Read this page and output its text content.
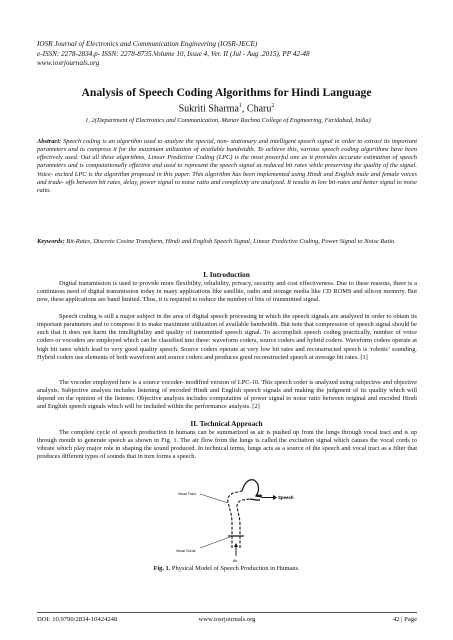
IOSR Journal of Electronics and Communication Engineering (IOSR-JECE)
e-ISSN: 2278-2834,p- ISSN: 2278-8735.Volume 10, Issue 4, Ver. II (Jul - Aug .2015), PP 42-48
www.iosrjournals.org
Analysis of Speech Coding Algorithms for Hindi Language
Sukriti Sharma$^1$, Charu$^2$
1, 2(Department of Electronics and Communication, Manav Rachna College of Engineering, Faridabad, India)
Abstract: Speech coding is an algorithm used to analyze the special, non- stationary and intelligent speech signal in order to extract its important parameters and to compress it for the maximum utilization of available bandwidth. To achieve this, various speech coding algorithms have been effectively used. Out all these algorithms, Linear Predictive Coding (LPC) is the most powerful one as it provides accurate estimation of speech parameters and is computationally effective and used to represent the speech signal at reduced bit rates while preserving the quality of the signal. Voice- excited LPC is the algorithm proposed in this paper. This algorithm has been implemented using Hindi and English male and female voices and trade- offs between bit rates, delay, power signal to noise ratio and complexity are analyzed. It results in low bit-rates and better signal to noise ratio.
Keywords: Bit-Rates, Discrete Cosine Transform, Hindi and English Speech Signal, Linear Predictive Coding, Power Signal to Noise Ratio.
I. Introduction
Digital transmission is used to provide more flexibility, reliability, privacy, security and cost effectiveness. Due to these reasons, there is a continuous need of digital transmission today in many applications like satellite, radio and storage media like CD ROMS and silicon memory. But now, these applications are band limited. Thus, it is required to reduce the number of bits of transmitted signal.
Speech coding is still a major subject in the area of digital speech processing in which the speech signals are analyzed in order to obtain its important parameters and to compress it to make maximum utilization of available bandwidth. But note that compression of speech signal should be such that it does not harm the intelligibility and quality of transmitted speech signal. To accomplish speech coding practically, number of voice coders or vocoders are employed which can be classified into three: waveform coders, source coders and hybrid coders. Waveform coders operate at high bit rates which lead to very good quality speech. Source coders operate at very low bit rates and reconstructed speech is 'robotic' sounding. Hybrid coders use elements of both waveform and source coders and produces good reconstructed speech at average bit rates. [1]
The vocoder employed here is a source vocoder- modified version of LPC-10. This speech coder is analyzed using subjective and objective analysis. Subjective analysis includes listening of encoded Hindi and English speech signals and making the judgment of its quality which will depend on the opinion of the listener. Objective analysis includes computation of power signal to noise ratio between original and encoded Hindi and English speech signals which will be included within the performance analysis. [2]
II. Technical Approach
The complete cycle of speech production in humans can be summarized as air is pushed up from the lungs through vocal tract and is up through mouth to generate speech as shown in Fig. 1. The air flow from the lungs is called the excitation signal which causes the vocal cords to vibrate which play major role in shaping the sound produced. In technical terms, lungs acts as a source of the speech and vocal tract as a filter that produces different types of sounds that in turn forms a speech.
Vocal Tract
Speech
Vocal Cords
Air
Fig. 1. Physical Model of Speech Production in Humans.
DOI: 10.9790/2834-10424248	www.iosrjournals.org	42 | Page
